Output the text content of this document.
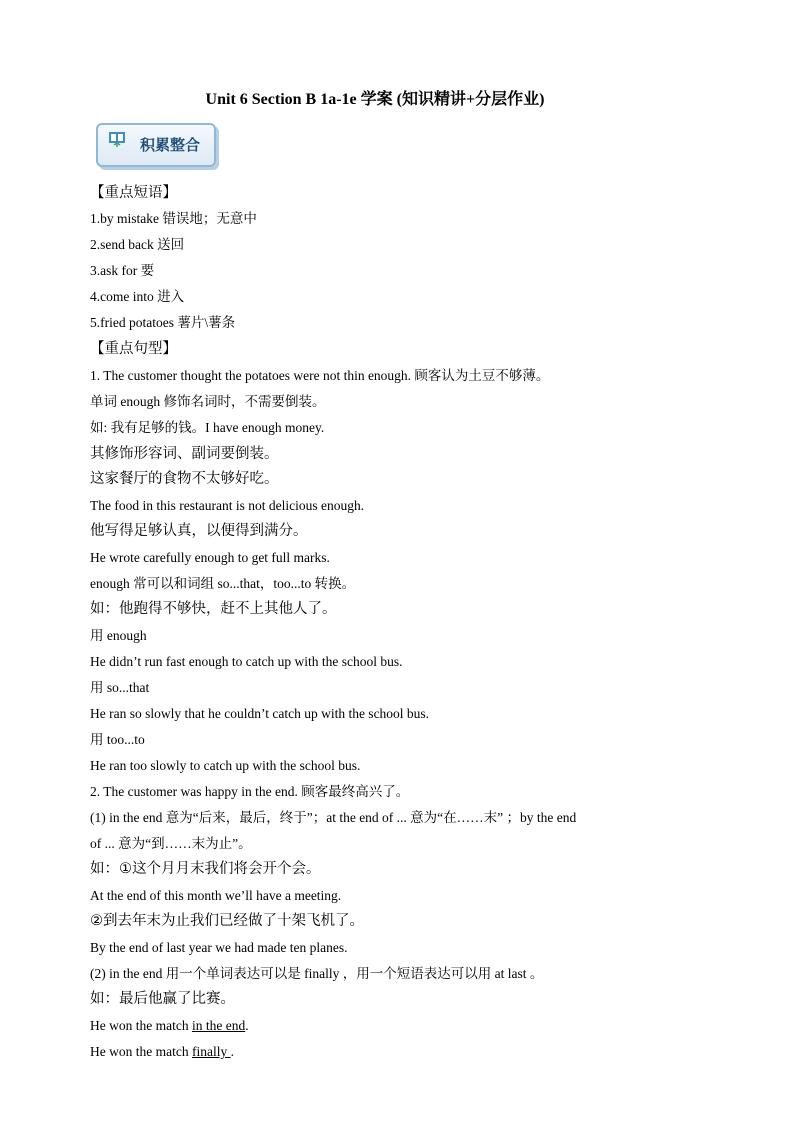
Unit 6 Section B 1a-1e 学案 (知识精讲+分层作业)
积累整合
【重点短语】
1.by mistake 错误地；无意中
2.send back 送回
3.ask for 要
4.come into 进入
5.fried potatoes 薯片\薯条
【重点句型】
1. The customer thought the potatoes were not thin enough. 顾客认为土豆不够薄。
单词 enough 修饰名词时，不需要倒装。
如: 我有足够的钱。I have enough money.
其修饰形容词、副词要倒装。
这家餐厅的食物不太够好吃。
The food in this restaurant is not delicious enough.
他写得足够认真，以便得到满分。
He wrote carefully enough to get full marks.
enough 常可以和词组 so...that，too...to 转换。
如：他跑得不够快，赶不上其他人了。
用 enough
He didn’t run fast enough to catch up with the school bus.
用 so...that
He ran so slowly that he couldn’t catch up with the school bus.
用 too...to
He ran too slowly to catch up with the school bus.
2. The customer was happy in the end. 顾客最终高兴了。
(1) in the end 意为“后来，最后，终于”；at the end of ... 意为“在……末” ；by the end
of ... 意为“到……末为止”。
如：①这个月月末我们将会开个会。
At the end of this month we’ll have a meeting.
②到去年末为止我们已经做了十架飞机了。
By the end of last year we had made ten planes.
(2) in the end 用一个单词表达可以是 finally ，用一个短语表达可以用 at last 。
如：最后他赢了比赛。
He won the match in the end.
He won the match finally .
